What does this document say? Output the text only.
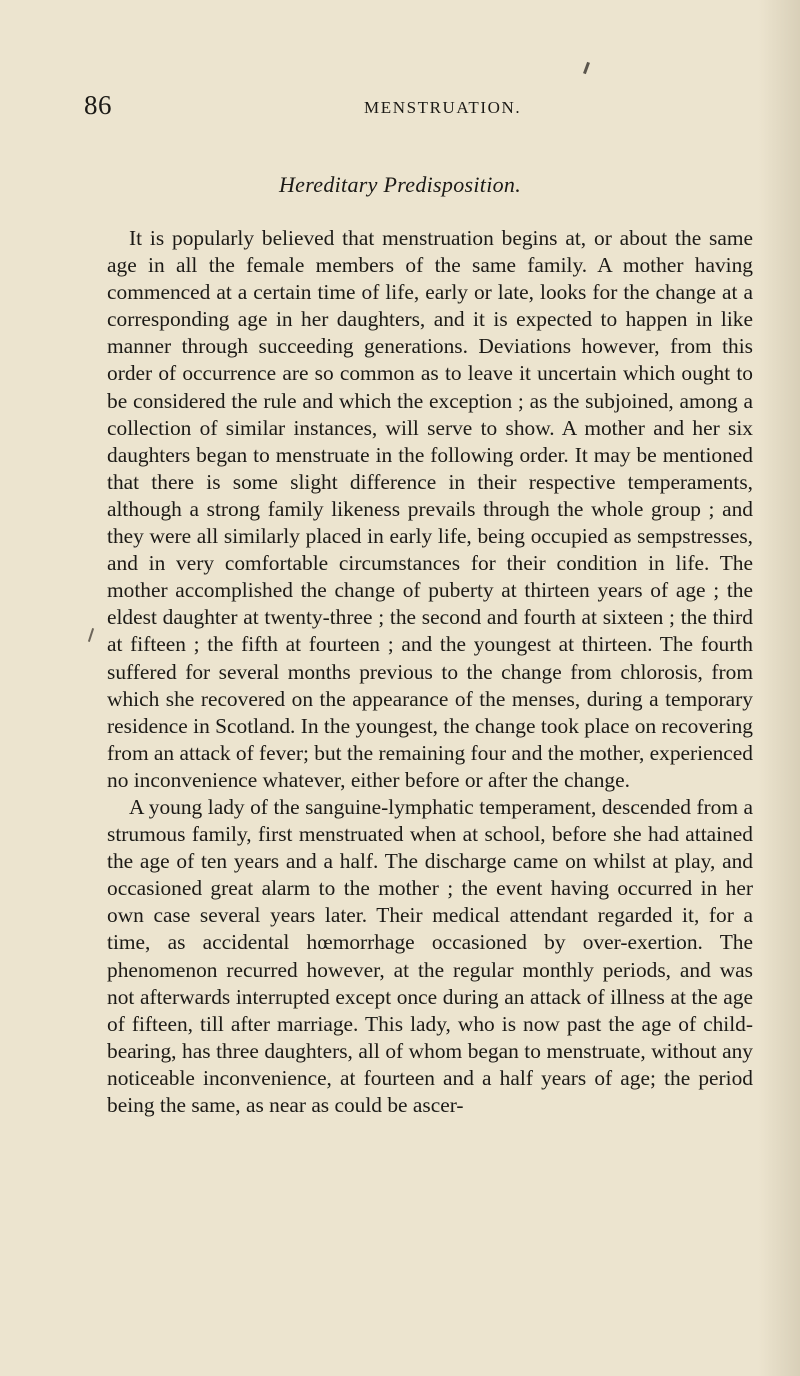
86	MENSTRUATION.
Hereditary Predisposition.

It is popularly believed that menstruation begins at, or about the same age in all the female members of the same family. A mother having commenced at a certain time of life, early or late, looks for the change at a corresponding age in her daughters, and it is expected to happen in like manner through succeeding generations. Deviations however, from this order of occurrence are so common as to leave it uncertain which ought to be considered the rule and which the exception ; as the subjoined, among a collection of similar instances, will serve to show. A mother and her six daughters began to menstruate in the following order. It may be mentioned that there is some slight difference in their respective temperaments, although a strong family likeness prevails through the whole group ; and they were all similarly placed in early life, being occupied as sempstresses, and in very comfortable circumstances for their condition in life. The mother accomplished the change of puberty at thirteen years of age ; the eldest daughter at twenty-three ; the second and fourth at sixteen ; the third at fifteen ; the fifth at fourteen ; and the youngest at thirteen. The fourth suffered for several months previous to the change from chlorosis, from which she recovered on the appearance of the menses, during a temporary residence in Scotland. In the youngest, the change took place on recovering from an attack of fever; but the remaining four and the mother, experienced no inconvenience whatever, either before or after the change.

A young lady of the sanguine-lymphatic temperament, descended from a strumous family, first menstruated when at school, before she had attained the age of ten years and a half. The discharge came on whilst at play, and occasioned great alarm to the mother ; the event having occurred in her own case several years later. Their medical attendant regarded it, for a time, as accidental hœmorrhage occasioned by over-exertion. The phenomenon recurred however, at the regular monthly periods, and was not afterwards interrupted except once during an attack of illness at the age of fifteen, till after marriage. This lady, who is now past the age of child-bearing, has three daughters, all of whom began to menstruate, without any noticeable inconvenience, at fourteen and a half years of age; the period being the same, as near as could be ascer-
